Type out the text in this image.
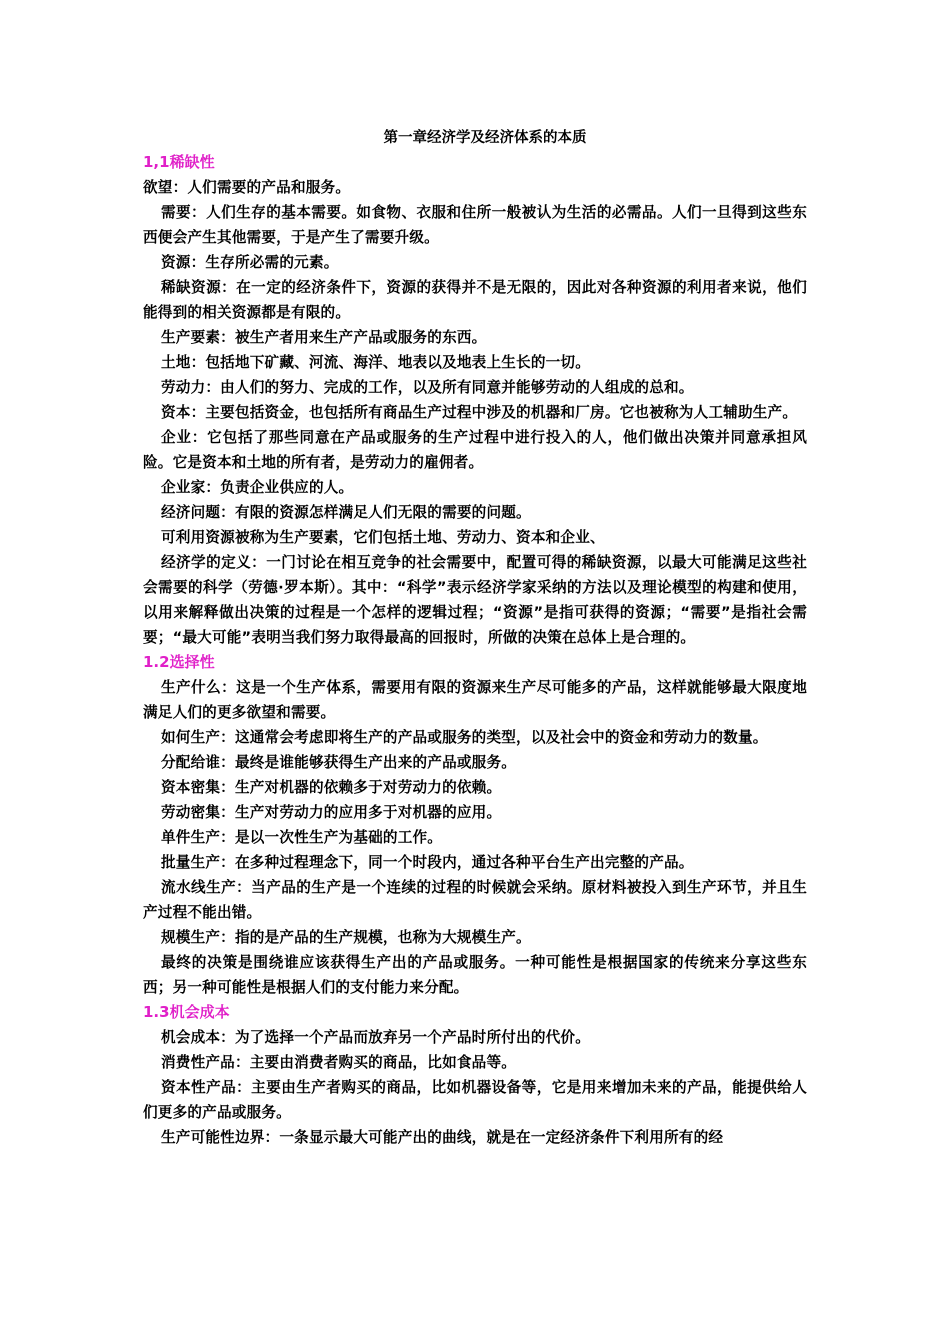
第一章经济学及经济体系的本质
1,1稀缺性

欲望：人们需要的产品和服务。

需要：人们生存的基本需要。如食物、衣服和住所一般被认为生活的必需品。人们一旦得到这些东西便会产生其他需要，于是产生了需要升级。

资源：生存所必需的元素。

稀缺资源：在一定的经济条件下，资源的获得并不是无限的，因此对各种资源的利用者来说，他们能得到的相关资源都是有限的。

生产要素：被生产者用来生产产品或服务的东西。

土地：包括地下矿藏、河流、海洋、地表以及地表上生长的一切。

劳动力：由人们的努力、完成的工作，以及所有同意并能够劳动的人组成的总和。

资本：主要包括资金，也包括所有商品生产过程中涉及的机器和厂房。它也被称为人工辅助生产。

企业：它包括了那些同意在产品或服务的生产过程中进行投入的人，他们做出决策并同意承担风险。它是资本和土地的所有者，是劳动力的雇佣者。

企业家：负责企业供应的人。

经济问题：有限的资源怎样满足人们无限的需要的问题。

可利用资源被称为生产要素，它们包括土地、劳动力、资本和企业、

经济学的定义：一门讨论在相互竞争的社会需要中，配置可得的稀缺资源，以最大可能满足这些社会需要的科学（劳德·罗本斯）。其中：“科学”表示经济学家采纳的方法以及理论模型的构建和使用，以用来解释做出决策的过程是一个怎样的逻辑过程；“资源”是指可获得的资源；“需要”是指社会需要；“最大可能”表明当我们努力取得最高的回报时，所做的决策在总体上是合理的。

1.2选择性

生产什么：这是一个生产体系，需要用有限的资源来生产尽可能多的产品，这样就能够最大限度地满足人们的更多欲望和需要。

如何生产：这通常会考虑即将生产的产品或服务的类型，以及社会中的资金和劳动力的数量。

分配给谁：最终是谁能够获得生产出来的产品或服务。

资本密集：生产对机器的依赖多于对劳动力的依赖。

劳动密集：生产对劳动力的应用多于对机器的应用。

单件生产：是以一次性生产为基础的工作。

批量生产：在多种过程理念下，同一个时段内，通过各种平台生产出完整的产品。

流水线生产：当产品的生产是一个连续的过程的时候就会采纳。原材料被投入到生产环节，并且生产过程不能出错。

规模生产：指的是产品的生产规模，也称为大规模生产。

最终的决策是围绕谁应该获得生产出的产品或服务。一种可能性是根据国家的传统来分享这些东西；另一种可能性是根据人们的支付能力来分配。

1.3机会成本

机会成本：为了选择一个产品而放弃另一个产品时所付出的代价。

消费性产品：主要由消费者购买的商品，比如食品等。

资本性产品：主要由生产者购买的商品，比如机器设备等，它是用来增加未来的产品，能提供给人们更多的产品或服务。

生产可能性边界：一条显示最大可能产出的曲线，就是在一定经济条件下利用所有的经
